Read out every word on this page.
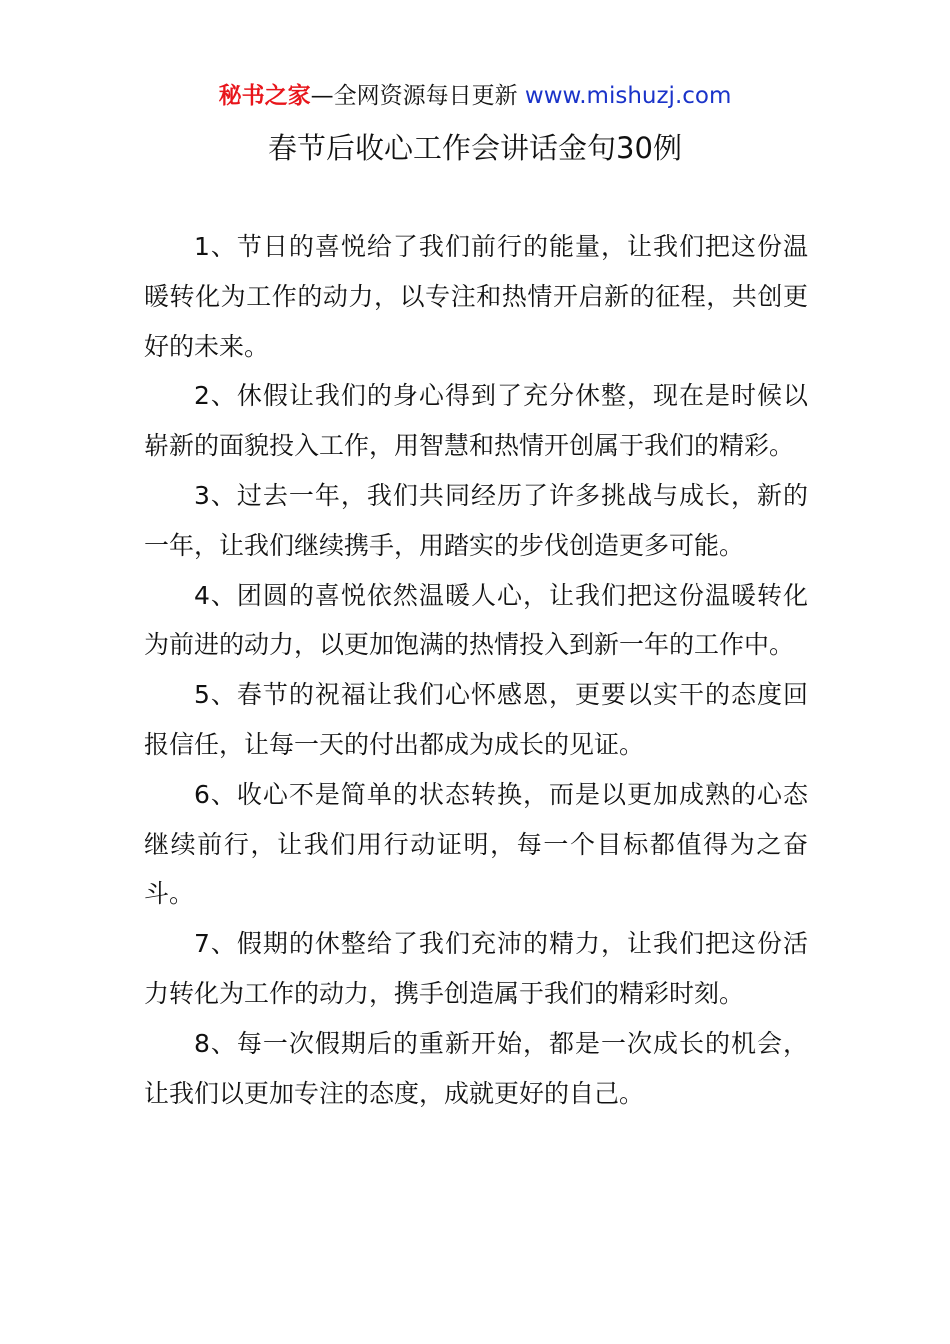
秘书之家—全网资源每日更新 www.mishuzj.com
春节后收心工作会讲话金句30例

1、节日的喜悦给了我们前行的能量，让我们把这份温暖转化为工作的动力，以专注和热情开启新的征程，共创更好的未来。

2、休假让我们的身心得到了充分休整，现在是时候以崭新的面貌投入工作，用智慧和热情开创属于我们的精彩。

3、过去一年，我们共同经历了许多挑战与成长，新的一年，让我们继续携手，用踏实的步伐创造更多可能。

4、团圆的喜悦依然温暖人心，让我们把这份温暖转化为前进的动力，以更加饱满的热情投入到新一年的工作中。

5、春节的祝福让我们心怀感恩，更要以实干的态度回报信任，让每一天的付出都成为成长的见证。

6、收心不是简单的状态转换，而是以更加成熟的心态继续前行，让我们用行动证明，每一个目标都值得为之奋斗。

7、假期的休整给了我们充沛的精力，让我们把这份活力转化为工作的动力，携手创造属于我们的精彩时刻。

8、每一次假期后的重新开始，都是一次成长的机会，让我们以更加专注的态度，成就更好的自己。
